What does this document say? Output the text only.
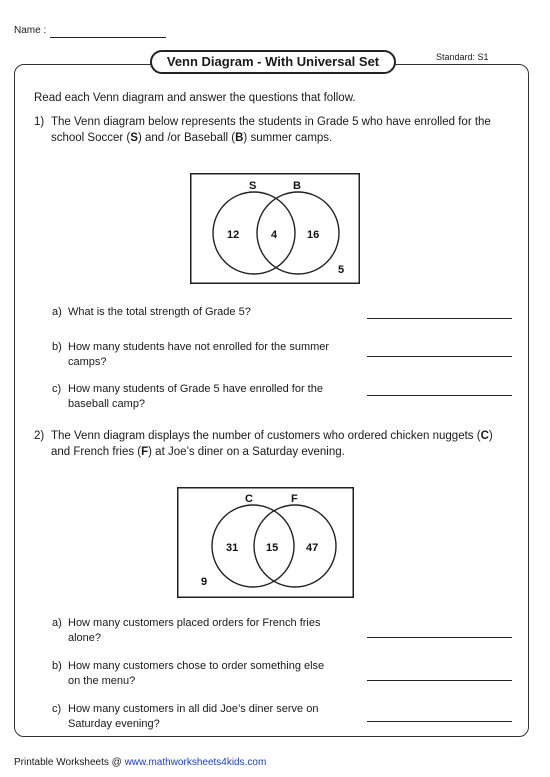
Name :
Standard: S1
Venn Diagram - With Universal Set
Read each Venn diagram and answer the questions that follow.
1) The Venn diagram below represents the students in Grade 5 who have enrolled for the
school Soccer (S) and /or Baseball (B) summer camps.
S	B
12	4	16
5
a) What is the total strength of Grade 5?
b) How many students have not enrolled for the summer
camps?
c) How many students of Grade 5 have enrolled for the
baseball camp?
2) The Venn diagram displays the number of customers who ordered chicken nuggets (C)
and French fries (F) at Joe’s diner on a Saturday evening.
C	F
31	15	47
9
a) How many customers placed orders for French fries
alone?
b) How many customers chose to order something else
on the menu?
c) How many customers in all did Joe’s diner serve on
Saturday evening?
Printable Worksheets @ www.mathworksheets4kids.com
